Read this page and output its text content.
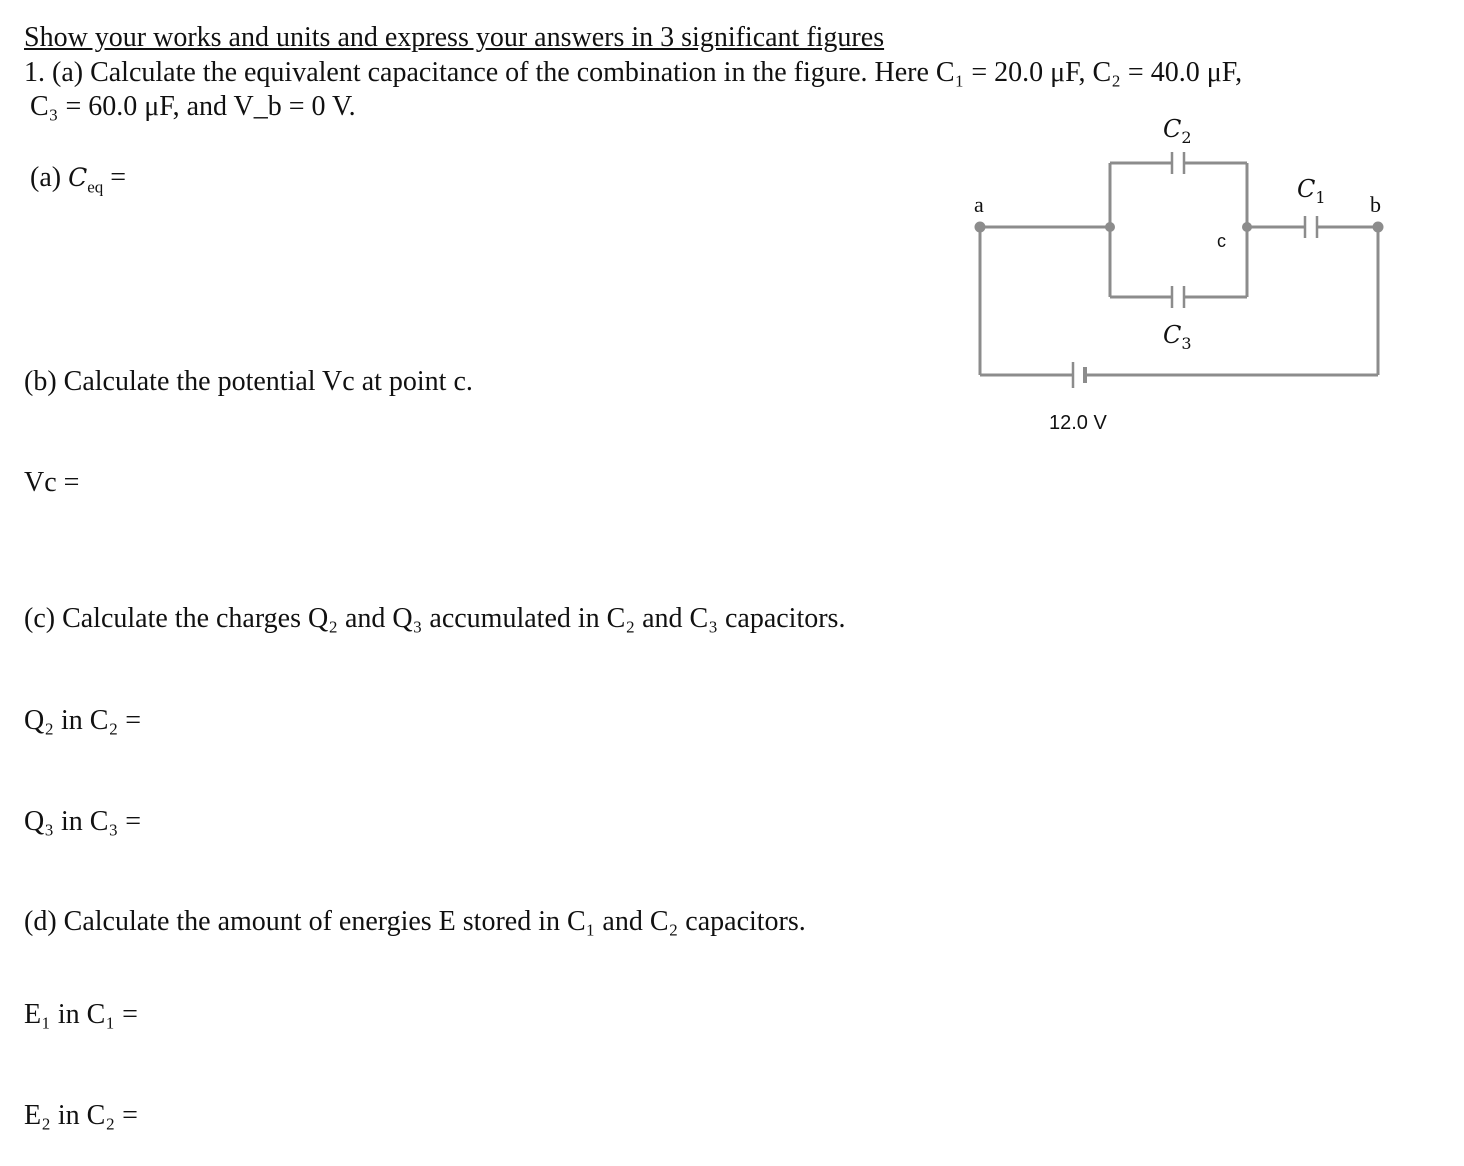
Show your works and units and express your answers in 3 significant figures
1. (a) Calculate the equivalent capacitance of the combination in the figure. Here C₁ = 20.0 μF, C₂ = 40.0 μF,
C₃ = 60.0 μF, and V_b = 0 V.
(a) $C_{eq}$ =
(b) Calculate the potential Vc at point c.
Vc =
(c) Calculate the charges Q₂ and Q₃ accumulated in C₂ and C₃ capacitors.
Q₂ in C₂ =
Q₃ in C₃ =
(d) Calculate the amount of energies E stored in C₁ and C₂ capacitors.
E₁ in C₁ =
E₂ in C₂ =
a	b
c
$C_2$
$C_3$
$C_1$
12.0 V
